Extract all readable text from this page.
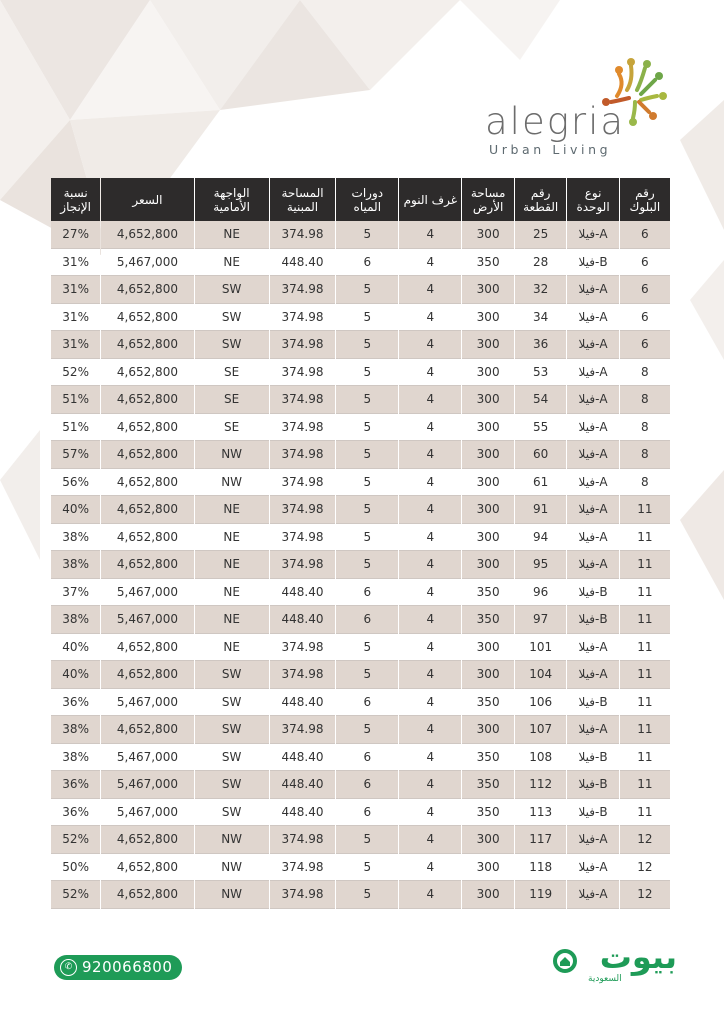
alegria
Urban Living
نسبة الإنجاز	السعر	الواجهة الأمامية	المساحة المبنية	دورات المياه	غرف النوم	مساحة الأرض	رقم القطعة	نوع الوحدة	رقم البلوك
27%	4,652,800	NE	374.98	5	4	300	25	فيلا-A	6
31%	5,467,000	NE	448.40	6	4	350	28	فيلا-B	6
31%	4,652,800	SW	374.98	5	4	300	32	فيلا-A	6
31%	4,652,800	SW	374.98	5	4	300	34	فيلا-A	6
31%	4,652,800	SW	374.98	5	4	300	36	فيلا-A	6
52%	4,652,800	SE	374.98	5	4	300	53	فيلا-A	8
51%	4,652,800	SE	374.98	5	4	300	54	فيلا-A	8
51%	4,652,800	SE	374.98	5	4	300	55	فيلا-A	8
57%	4,652,800	NW	374.98	5	4	300	60	فيلا-A	8
56%	4,652,800	NW	374.98	5	4	300	61	فيلا-A	8
40%	4,652,800	NE	374.98	5	4	300	91	فيلا-A	11
38%	4,652,800	NE	374.98	5	4	300	94	فيلا-A	11
38%	4,652,800	NE	374.98	5	4	300	95	فيلا-A	11
37%	5,467,000	NE	448.40	6	4	350	96	فيلا-B	11
38%	5,467,000	NE	448.40	6	4	350	97	فيلا-B	11
40%	4,652,800	NE	374.98	5	4	300	101	فيلا-A	11
40%	4,652,800	SW	374.98	5	4	300	104	فيلا-A	11
36%	5,467,000	SW	448.40	6	4	350	106	فيلا-B	11
38%	4,652,800	SW	374.98	5	4	300	107	فيلا-A	11
38%	5,467,000	SW	448.40	6	4	350	108	فيلا-B	11
36%	5,467,000	SW	448.40	6	4	350	112	فيلا-B	11
36%	5,467,000	SW	448.40	6	4	350	113	فيلا-B	11
52%	4,652,800	NW	374.98	5	4	300	117	فيلا-A	12
50%	4,652,800	NW	374.98	5	4	300	118	فيلا-A	12
52%	4,652,800	NW	374.98	5	4	300	119	فيلا-A	12
✆ 920066800	بيوت
السعودية
